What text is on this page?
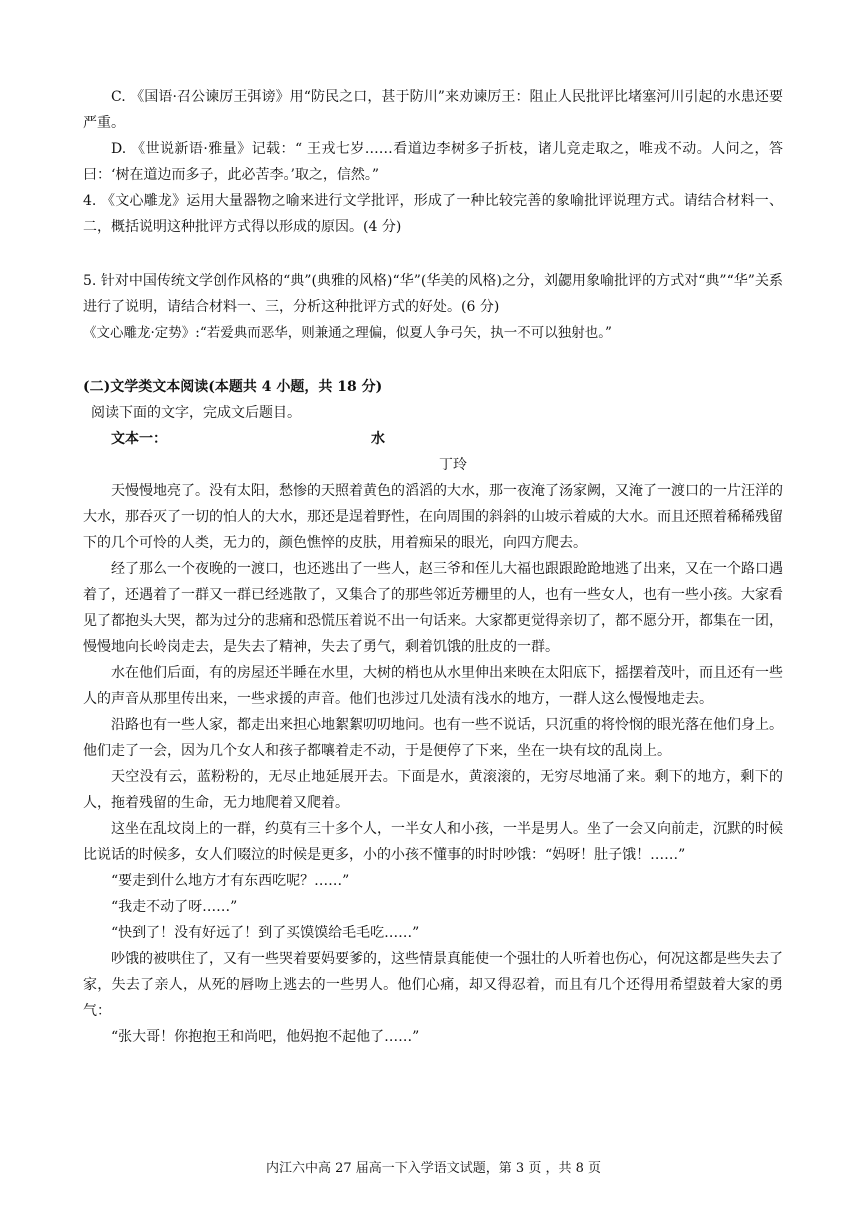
C. 《国语·召公谏厉王弭谤》用“防民之口，甚于防川”来劝谏厉王：阻止人民批评比堵塞河川引起的水患还要严重。

D. 《世说新语·雅量》记载：“ 王戎七岁……看道边李树多子折枝，诸儿竞走取之，唯戎不动。人问之，答曰：‘树在道边而多子，此必苦李。’取之，信然。”

4. 《文心雕龙》运用大量器物之喻来进行文学批评，形成了一种比较完善的象喻批评说理方式。请结合材料一、二，概括说明这种批评方式得以形成的原因。(4 分)

5. 针对中国传统文学创作风格的“典”(典雅的风格)“华”(华美的风格)之分，刘勰用象喻批评的方式对“典”“华”关系进行了说明，请结合材料一、三，分析这种批评方式的好处。(6 分)

《文心雕龙·定势》:“若爱典而恶华，则兼通之理偏，似夏人争弓矢，执一不可以独射也。”

(二)文学类文本阅读(本题共 4 小题，共 18 分)

阅读下面的文字，完成文后题目。

文本一：	水

丁玲

天慢慢地亮了。没有太阳，愁惨的天照着黄色的滔滔的大水，那一夜淹了汤家阙，又淹了一渡口的一片汪洋的大水，那吞灭了一切的怕人的大水，那还是逞着野性，在向周围的斜斜的山坡示着威的大水。而且还照着稀稀残留下的几个可怜的人类，无力的，颜色憔悴的皮肤，用着痴呆的眼光，向四方爬去。

经了那么一个夜晚的一渡口，也还逃出了一些人，赵三爷和侄儿大福也跟跟跄跄地逃了出来，又在一个路口遇着了，还遇着了一群又一群已经逃散了，又集合了的那些邻近芳栅里的人，也有一些女人，也有一些小孩。大家看见了都抱头大哭，都为过分的悲痛和恐慌压着说不出一句话来。大家都更觉得亲切了，都不愿分开，都集在一团，慢慢地向长岭岗走去，是失去了精神，失去了勇气，剩着饥饿的肚皮的一群。

水在他们后面，有的房屋还半睡在水里，大树的梢也从水里伸出来映在太阳底下，摇摆着茂叶，而且还有一些人的声音从那里传出来，一些求援的声音。他们也涉过几处渍有浅水的地方，一群人这么慢慢地走去。

沿路也有一些人家，都走出来担心地絮絮叨叨地问。也有一些不说话，只沉重的将怜悯的眼光落在他们身上。他们走了一会，因为几个女人和孩子都嚷着走不动，于是便停了下来，坐在一块有坟的乱岗上。

天空没有云，蓝粉粉的，无尽止地延展开去。下面是水，黄滚滚的，无穷尽地涌了来。剩下的地方，剩下的人，拖着残留的生命，无力地爬着又爬着。

这坐在乱坟岗上的一群，约莫有三十多个人，一半女人和小孩，一半是男人。坐了一会又向前走，沉默的时候比说话的时候多，女人们啜泣的时候是更多，小的小孩不懂事的时时吵饿：“妈呀！肚子饿！……”

“要走到什么地方才有东西吃呢？……”

“我走不动了呀……”

“快到了！没有好远了！到了买馍馍给毛毛吃……”

吵饿的被哄住了，又有一些哭着要妈要爹的，这些情景真能使一个强壮的人听着也伤心，何况这都是些失去了家，失去了亲人，从死的唇吻上逃去的一些男人。他们心痛，却又得忍着，而且有几个还得用希望鼓着大家的勇气：

“张大哥！你抱抱王和尚吧，他妈抱不起他了……”

内江六中高 27 届高一下入学语文试题，第 3 页 ，共 8 页
